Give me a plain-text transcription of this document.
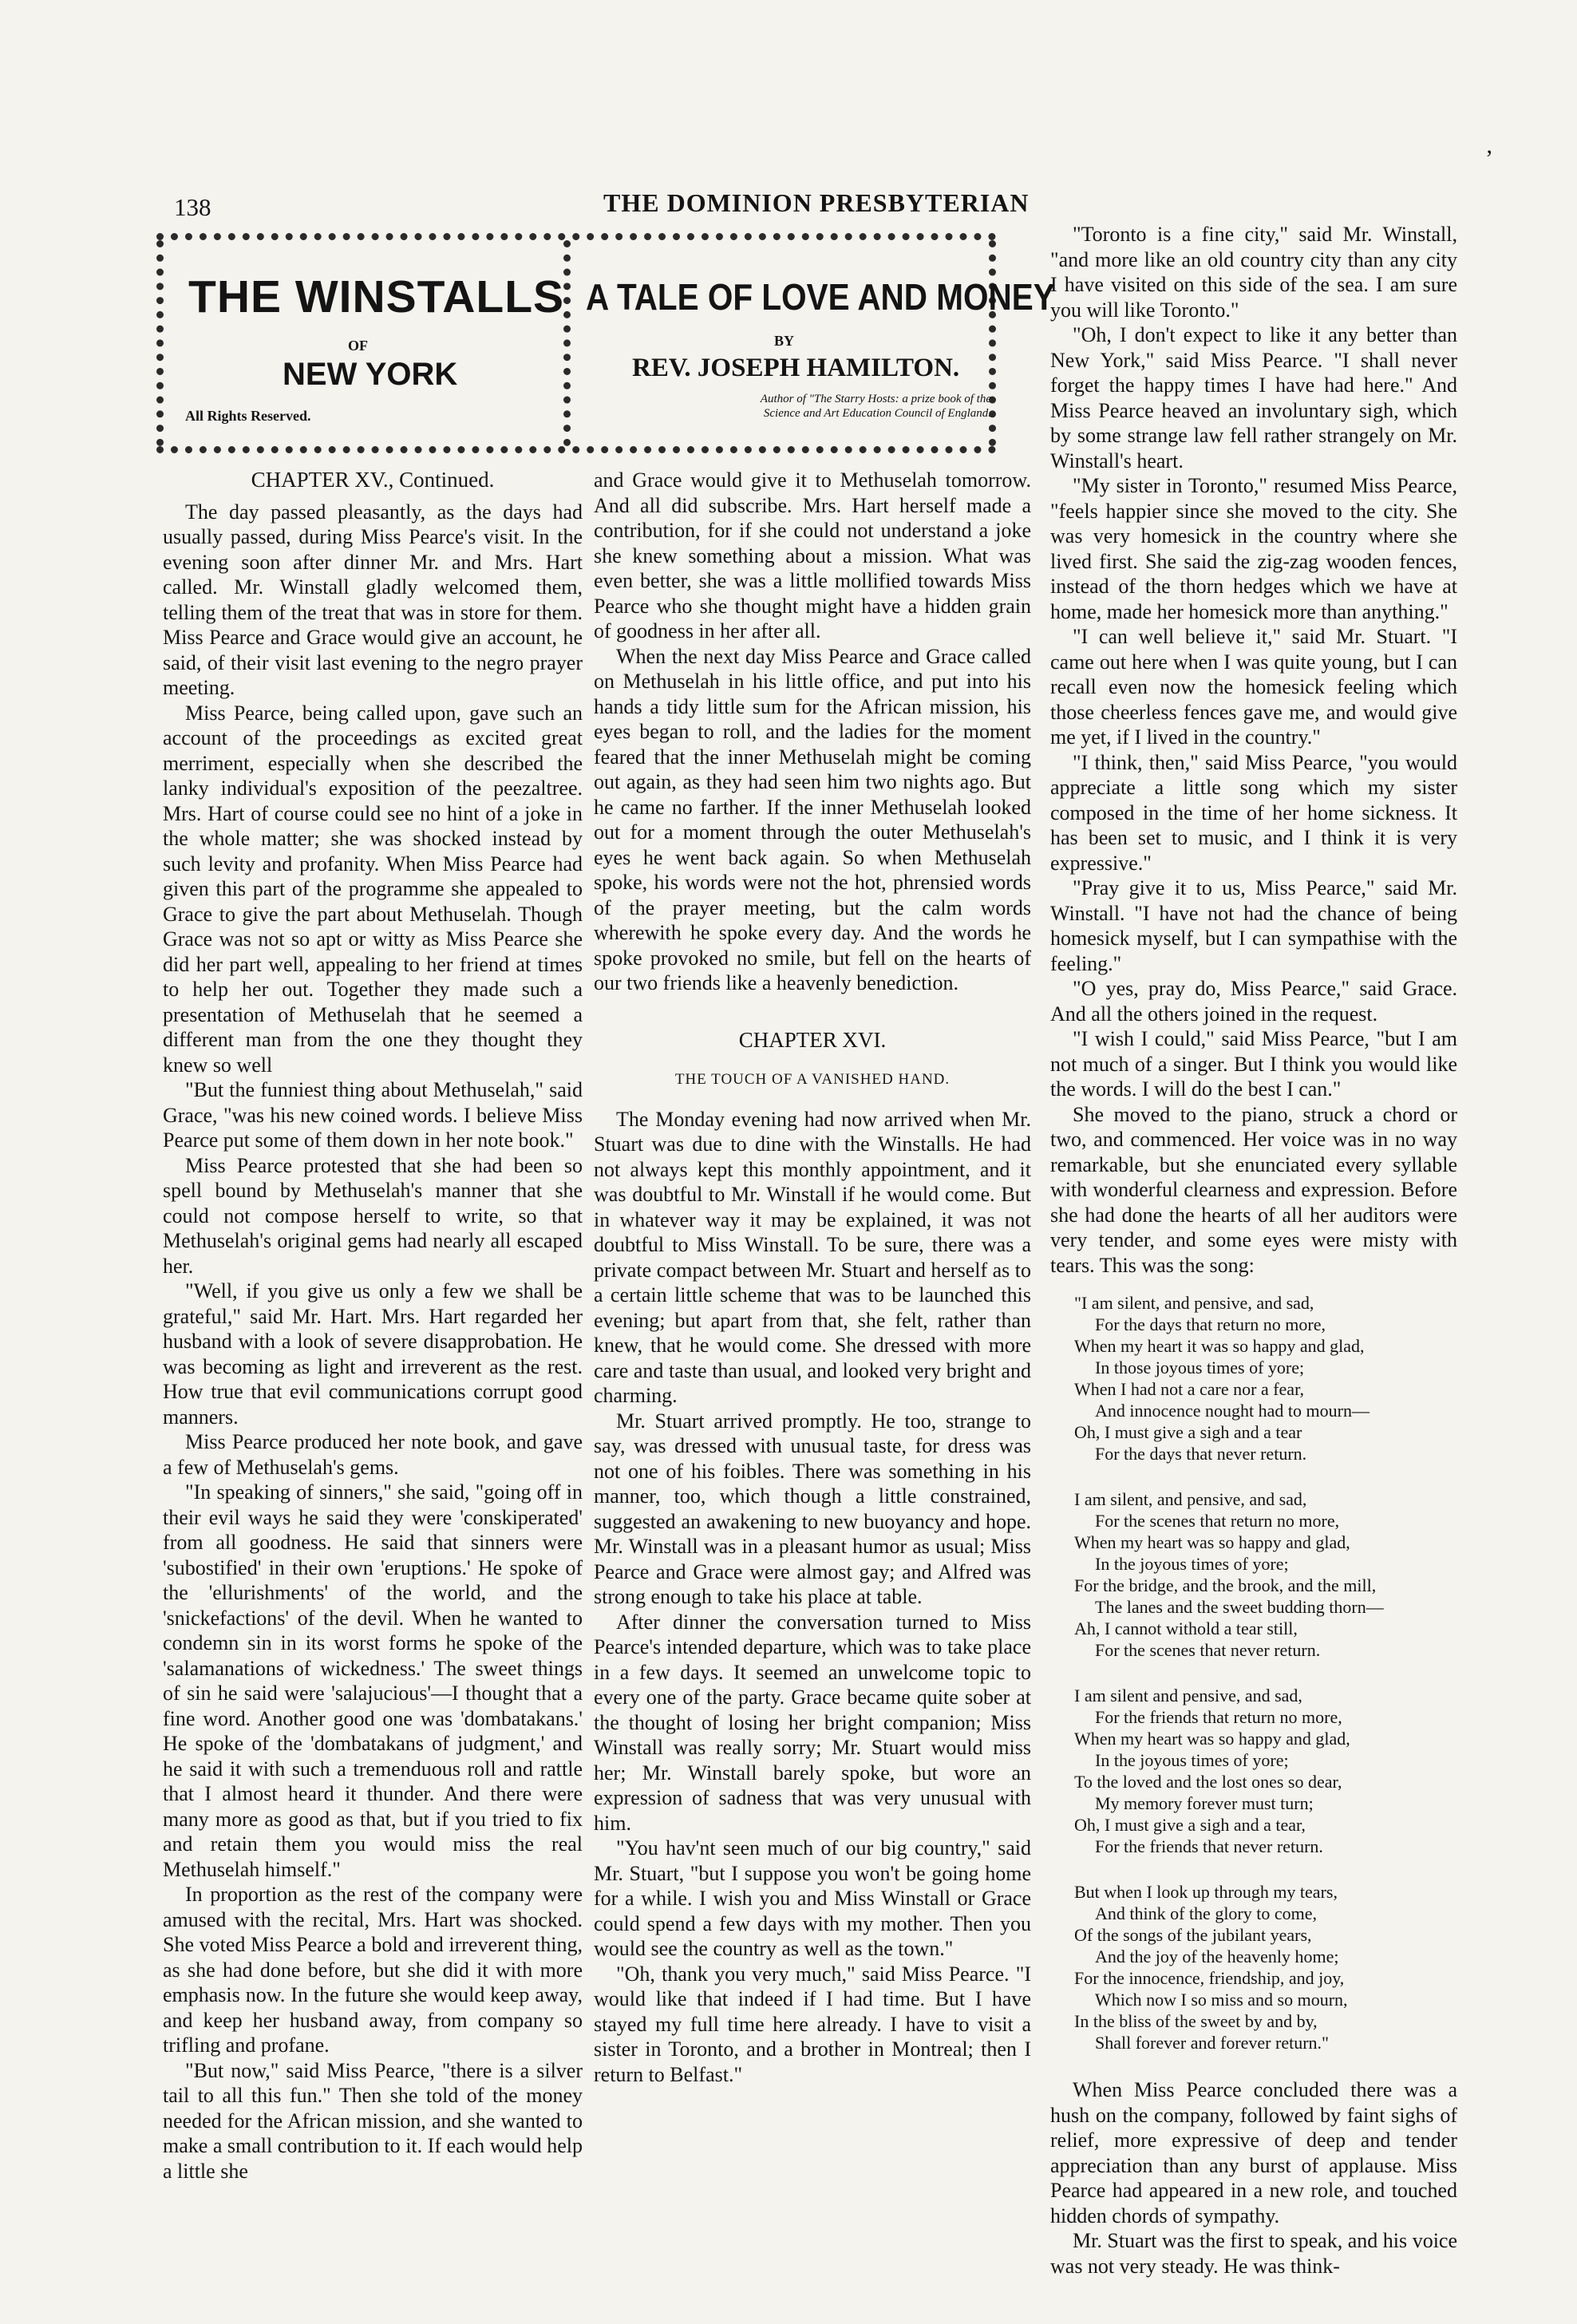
138	THE DOMINION PRESBYTERIAN
’
THE WINSTALLS
OF
NEW YORK
All Rights Reserved.
A TALE OF LOVE AND MONEY
BY
REV. JOSEPH HAMILTON.
Author of "The Starry Hosts: a prize book of the
Science and Art Education Council of England.

CHAPTER XV., Continued.

The day passed pleasantly, as the days had usually passed, during Miss Pearce's visit. In the evening soon after dinner Mr. and Mrs. Hart called. Mr. Winstall gladly welcomed them, telling them of the treat that was in store for them. Miss Pearce and Grace would give an account, he said, of their visit last evening to the negro prayer meeting.

Miss Pearce, being called upon, gave such an account of the proceedings as excited great merriment, especially when she described the lanky individual's exposition of the peezaltree. Mrs. Hart of course could see no hint of a joke in the whole matter; she was shocked instead by such levity and profanity. When Miss Pearce had given this part of the programme she appealed to Grace to give the part about Methuselah. Though Grace was not so apt or witty as Miss Pearce she did her part well, appealing to her friend at times to help her out. Together they made such a presentation of Methuselah that he seemed a different man from the one they thought they knew so well

"But the funniest thing about Methuselah," said Grace, "was his new coined words. I believe Miss Pearce put some of them down in her note book."

Miss Pearce protested that she had been so spell bound by Methuselah's manner that she could not compose herself to write, so that Methuselah's original gems had nearly all escaped her.

"Well, if you give us only a few we shall be grateful," said Mr. Hart. Mrs. Hart regarded her husband with a look of severe disapprobation. He was becoming as light and irreverent as the rest. How true that evil communications corrupt good manners.

Miss Pearce produced her note book, and gave a few of Methuselah's gems.

"In speaking of sinners," she said, "going off in their evil ways he said they were 'conskiperated' from all goodness. He said that sinners were 'subostified' in their own 'eruptions.' He spoke of the 'ellurishments' of the world, and the 'snickefactions' of the devil. When he wanted to condemn sin in its worst forms he spoke of the 'salamanations of wickedness.' The sweet things of sin he said were 'salajucious'—I thought that a fine word. Another good one was 'dombatakans.' He spoke of the 'dombatakans of judgment,' and he said it with such a tremenduous roll and rattle that I almost heard it thunder. And there were many more as good as that, but if you tried to fix and retain them you would miss the real Methuselah himself."

In proportion as the rest of the company were amused with the recital, Mrs. Hart was shocked. She voted Miss Pearce a bold and irreverent thing, as she had done before, but she did it with more emphasis now. In the future she would keep away, and keep her husband away, from company so trifling and profane.

"But now," said Miss Pearce, "there is a silver tail to all this fun." Then she told of the money needed for the African mission, and she wanted to make a small contribution to it. If each would help a little she

and Grace would give it to Methuselah tomorrow. And all did subscribe. Mrs. Hart herself made a contribution, for if she could not understand a joke she knew something about a mission. What was even better, she was a little mollified towards Miss Pearce who she thought might have a hidden grain of goodness in her after all.

When the next day Miss Pearce and Grace called on Methuselah in his little office, and put into his hands a tidy little sum for the African mission, his eyes began to roll, and the ladies for the moment feared that the inner Methuselah might be coming out again, as they had seen him two nights ago. But he came no farther. If the inner Methuselah looked out for a moment through the outer Methuselah's eyes he went back again. So when Methuselah spoke, his words were not the hot, phrensied words of the prayer meeting, but the calm words wherewith he spoke every day. And the words he spoke provoked no smile, but fell on the hearts of our two friends like a heavenly benediction.

CHAPTER XVI.

THE TOUCH OF A VANISHED HAND.

The Monday evening had now arrived when Mr. Stuart was due to dine with the Winstalls. He had not always kept this monthly appointment, and it was doubtful to Mr. Winstall if he would come. But in whatever way it may be explained, it was not doubtful to Miss Winstall. To be sure, there was a private compact between Mr. Stuart and herself as to a certain little scheme that was to be launched this evening; but apart from that, she felt, rather than knew, that he would come. She dressed with more care and taste than usual, and looked very bright and charming.

Mr. Stuart arrived promptly. He too, strange to say, was dressed with unusual taste, for dress was not one of his foibles. There was something in his manner, too, which though a little constrained, suggested an awakening to new buoyancy and hope. Mr. Winstall was in a pleasant humor as usual; Miss Pearce and Grace were almost gay; and Alfred was strong enough to take his place at table.

After dinner the conversation turned to Miss Pearce's intended departure, which was to take place in a few days. It seemed an unwelcome topic to every one of the party. Grace became quite sober at the thought of losing her bright companion; Miss Winstall was really sorry; Mr. Stuart would miss her; Mr. Winstall barely spoke, but wore an expression of sadness that was very unusual with him.

"You hav'nt seen much of our big country," said Mr. Stuart, "but I suppose you won't be going home for a while. I wish you and Miss Winstall or Grace could spend a few days with my mother. Then you would see the country as well as the town."

"Oh, thank you very much," said Miss Pearce. "I would like that indeed if I had time. But I have stayed my full time here already. I have to visit a sister in Toronto, and a brother in Montreal; then I return to Belfast."

"Toronto is a fine city," said Mr. Winstall, "and more like an old country city than any city I have visited on this side of the sea. I am sure you will like Toronto."

"Oh, I don't expect to like it any better than New York," said Miss Pearce. "I shall never forget the happy times I have had here." And Miss Pearce heaved an involuntary sigh, which by some strange law fell rather strangely on Mr. Winstall's heart.

"My sister in Toronto," resumed Miss Pearce, "feels happier since she moved to the city. She was very homesick in the country where she lived first. She said the zig-zag wooden fences, instead of the thorn hedges which we have at home, made her homesick more than anything."

"I can well believe it," said Mr. Stuart. "I came out here when I was quite young, but I can recall even now the homesick feeling which those cheerless fences gave me, and would give me yet, if I lived in the country."

"I think, then," said Miss Pearce, "you would appreciate a little song which my sister composed in the time of her home sickness. It has been set to music, and I think it is very expressive."

"Pray give it to us, Miss Pearce," said Mr. Winstall. "I have not had the chance of being homesick myself, but I can sympathise with the feeling."

"O yes, pray do, Miss Pearce," said Grace. And all the others joined in the request.

"I wish I could," said Miss Pearce, "but I am not much of a singer. But I think you would like the words. I will do the best I can."

She moved to the piano, struck a chord or two, and commenced. Her voice was in no way remarkable, but she enunciated every syllable with wonderful clearness and expression. Before she had done the hearts of all her auditors were very tender, and some eyes were misty with tears. This was the song:

"I am silent, and pensive, and sad,
For the days that return no more,
When my heart it was so happy and glad,
In those joyous times of yore;
When I had not a care nor a fear,
And innocence nought had to mourn—
Oh, I must give a sigh and a tear
For the days that never return.
I am silent, and pensive, and sad,
For the scenes that return no more,
When my heart was so happy and glad,
In the joyous times of yore;
For the bridge, and the brook, and the mill,
The lanes and the sweet budding thorn—
Ah, I cannot withold a tear still,
For the scenes that never return.
I am silent and pensive, and sad,
For the friends that return no more,
When my heart was so happy and glad,
In the joyous times of yore;
To the loved and the lost ones so dear,
My memory forever must turn;
Oh, I must give a sigh and a tear,
For the friends that never return.
But when I look up through my tears,
And think of the glory to come,
Of the songs of the jubilant years,
And the joy of the heavenly home;
For the innocence, friendship, and joy,
Which now I so miss and so mourn,
In the bliss of the sweet by and by,
Shall forever and forever return."

When Miss Pearce concluded there was a hush on the company, followed by faint sighs of relief, more expressive of deep and tender appreciation than any burst of applause. Miss Pearce had appeared in a new role, and touched hidden chords of sympathy.

Mr. Stuart was the first to speak, and his voice was not very steady. He was think-
